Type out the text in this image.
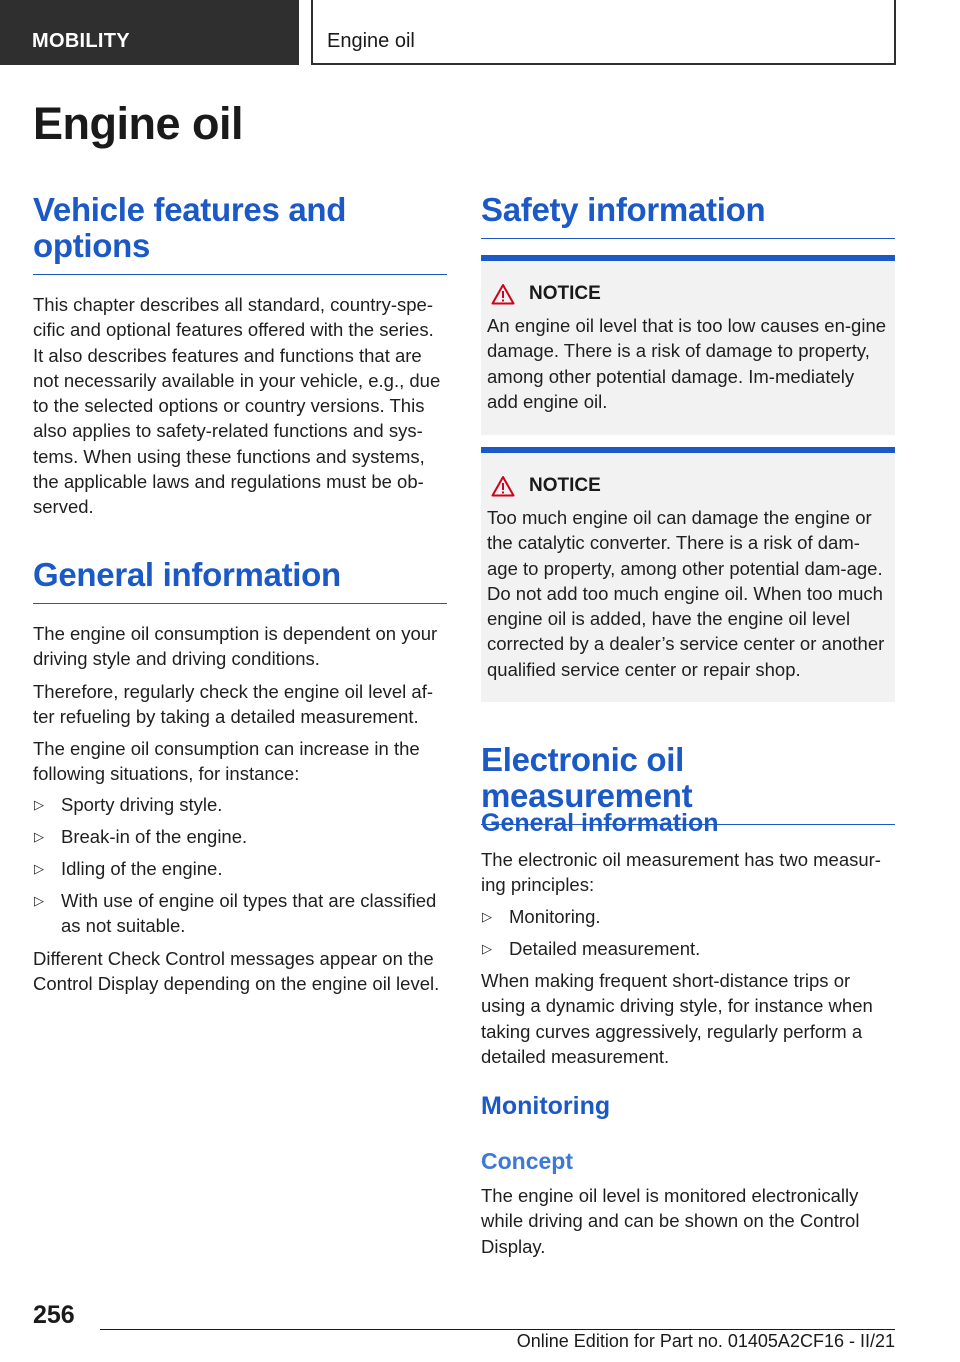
MOBILITY	Engine oil
Engine oil
Vehicle features and options

This chapter describes all standard, country-spe-cific and optional features offered with the series. It also describes features and functions that are not necessarily available in your vehicle, e.g., due to the selected options or country versions. This also applies to safety-related functions and sys-tems. When using these functions and systems, the applicable laws and regulations must be ob-served.

General information

The engine oil consumption is dependent on your driving style and driving conditions.

Therefore, regularly check the engine oil level af-ter refueling by taking a detailed measurement.

The engine oil consumption can increase in the following situations, for instance:

▷ Sporty driving style.
▷ Break-in of the engine.
▷ Idling of the engine.
▷ With use of engine oil types that are classified as not suitable.

Different Check Control messages appear on the Control Display depending on the engine oil level.

Safety information
NOTICE

An engine oil level that is too low causes en-gine damage. There is a risk of damage to property, among other potential damage. Im-mediately add engine oil.

NOTICE

Too much engine oil can damage the engine or the catalytic converter. There is a risk of dam-age to property, among other potential dam-age. Do not add too much engine oil. When too much engine oil is added, have the engine oil level corrected by a dealer’s service center or another qualified service center or repair shop.

Electronic oil measurement
General information

The electronic oil measurement has two measur-ing principles:

▷ Monitoring.
▷ Detailed measurement.

When making frequent short-distance trips or using a dynamic driving style, for instance when taking curves aggressively, regularly perform a detailed measurement.

Monitoring
Concept

The engine oil level is monitored electronically while driving and can be shown on the Control Display.

256
Online Edition for Part no. 01405A2CF16 - II/21
